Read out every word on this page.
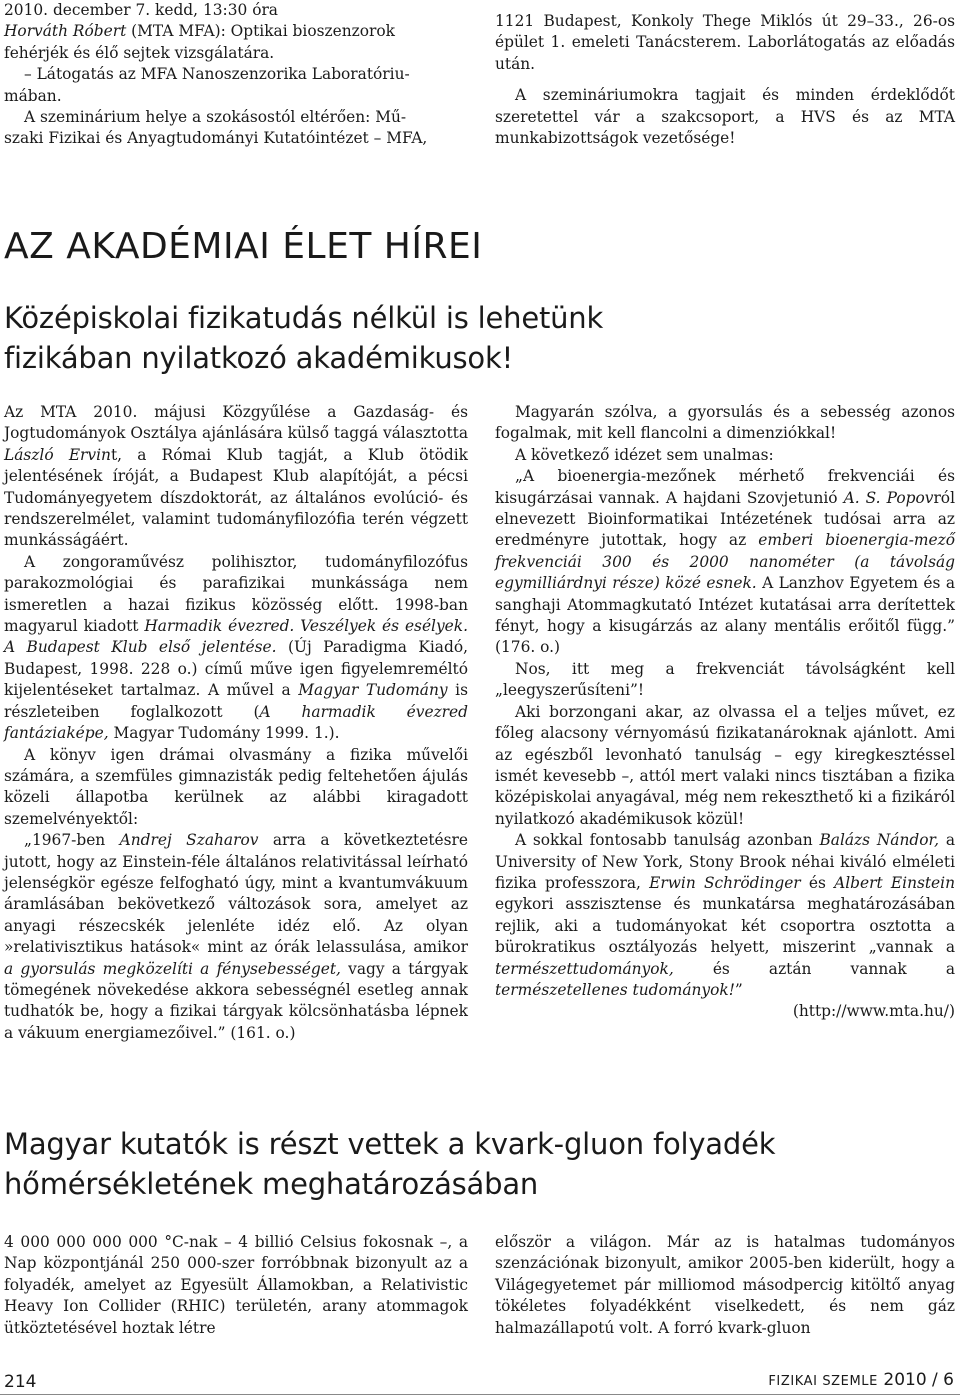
2010. december 7. kedd, 13:30 óra

Horváth Róbert (MTA MFA): Optikai bioszenzorok

fehérjék és élő sejtek vizsgálatára.

– Látogatás az MFA Nanoszenzorika Laboratóriu-

mában.

A szeminárium helye a szokásostól eltérően: Mű-

szaki Fizikai és Anyagtudományi Kutatóintézet – MFA,

1121 Budapest, Konkoly Thege Miklós út 29–33., 26-os épület 1. emeleti Tanácsterem. Laborlátogatás az előadás után.

A szemináriumokra tagjait és minden érdeklődőt szeretettel vár a szakcsoport, a HVS és az MTA munkabizottságok vezetősége!

AZ AKADÉMIAI ÉLET HÍREI
Középiskolai fizikatudás nélkül is lehetünk
fizikában nyilatkozó akadémikusok!

Az MTA 2010. májusi Közgyűlése a Gazdaság- és Jogtudományok Osztálya ajánlására külső taggá választotta László Ervint, a Római Klub tagját, a Klub ötödik jelentésének íróját, a Budapest Klub alapítóját, a pécsi Tudományegyetem díszdoktorát, az általános evolúció- és rendszerelmélet, valamint tudományfilozófia terén végzett munkásságáért.

A zongoraművész polihisztor, tudományfilozófus parakozmológiai és parafizikai munkássága nem ismeretlen a hazai fizikus közösség előtt. 1998-ban magyarul kiadott Harmadik évezred. Veszélyek és esélyek. A Budapest Klub első jelentése. (Új Paradigma Kiadó, Budapest, 1998. 228 o.) című műve igen figyelemreméltó kijelentéseket tartalmaz. A művel a Magyar Tudomány is részleteiben foglalkozott (A harmadik évezred fantáziaképe, Magyar Tudomány 1999. 1.).

A könyv igen drámai olvasmány a fizika művelői számára, a szemfüles gimnazisták pedig feltehetően ájulás közeli állapotba kerülnek az alábbi kiragadott szemelvényektől:

„1967-ben Andrej Szaharov arra a következtetésre jutott, hogy az Einstein-féle általános relativitással leírható jelenségkör egésze felfogható úgy, mint a kvantumvákuum áramlásában bekövetkező változások sora, amelyet az anyagi részecskék jelenléte idéz elő. Az olyan »relativisztikus hatások« mint az órák lelassulása, amikor a gyorsulás megközelíti a fénysebességet, vagy a tárgyak tömegének növekedése akkora sebességnél esetleg annak tudhatók be, hogy a fizikai tárgyak kölcsönhatásba lépnek a vákuum energiamezőivel.” (161. o.)

Magyarán szólva, a gyorsulás és a sebesség azonos fogalmak, mit kell flancolni a dimenziókkal!

A következő idézet sem unalmas:

„A bioenergia-mezőnek mérhető frekvenciái és kisugárzásai vannak. A hajdani Szovjetunió A. S. Popovról elnevezett Bioinformatikai Intézetének tudósai arra az eredményre jutottak, hogy az emberi bioenergia-mező frekvenciái 300 és 2000 nanométer (a távolság egymilliárdnyi része) közé esnek. A Lanzhov Egyetem és a sanghaji Atommagkutató Intézet kutatásai arra derítettek fényt, hogy a kisugárzás az alany mentális erőitől függ.” (176. o.)

Nos, itt meg a frekvenciát távolságként kell „leegyszerűsíteni”!

Aki borzongani akar, az olvassa el a teljes művet, ez főleg alacsony vérnyomású fizikatanároknak ajánlott. Ami az egészből levonható tanulság – egy kiregkesztéssel ismét kevesebb –, attól mert valaki nincs tisztában a fizika középiskolai anyagával, még nem rekeszthető ki a fizikáról nyilatkozó akadémikusok közül!

A sokkal fontosabb tanulság azonban Balázs Nándor, a University of New York, Stony Brook néhai kiváló elméleti fizika professzora, Erwin Schrödinger és Albert Einstein egykori asszisztense és munkatársa meghatározásában rejlik, aki a tudományokat két csoportra osztotta a bürokratikus osztályozás helyett, miszerint „vannak a természettudományok, és aztán vannak a természetellenes tudományok!”

(http://www.mta.hu/)

Magyar kutatók is részt vettek a kvark-gluon folyadék
hőmérsékletének meghatározásában

4 000 000 000 000 °C-nak – 4 billió Celsius fokosnak –, a Nap központjánál 250 000-szer forróbbnak bizonyult az a folyadék, amelyet az Egyesült Államokban, a Relativistic Heavy Ion Collider (RHIC) területén, arany atommagok ütköztetésével hoztak létre

először a világon. Már az is hatalmas tudományos szenzációnak bizonyult, amikor 2005-ben kiderült, hogy a Világegyetemet pár milliomod másodpercig kitöltő anyag tökéletes folyadékként viselkedett, és nem gáz halmazállapotú volt. A forró kvark-gluon

214	FIZIKAI SZEMLE 2010 / 6
